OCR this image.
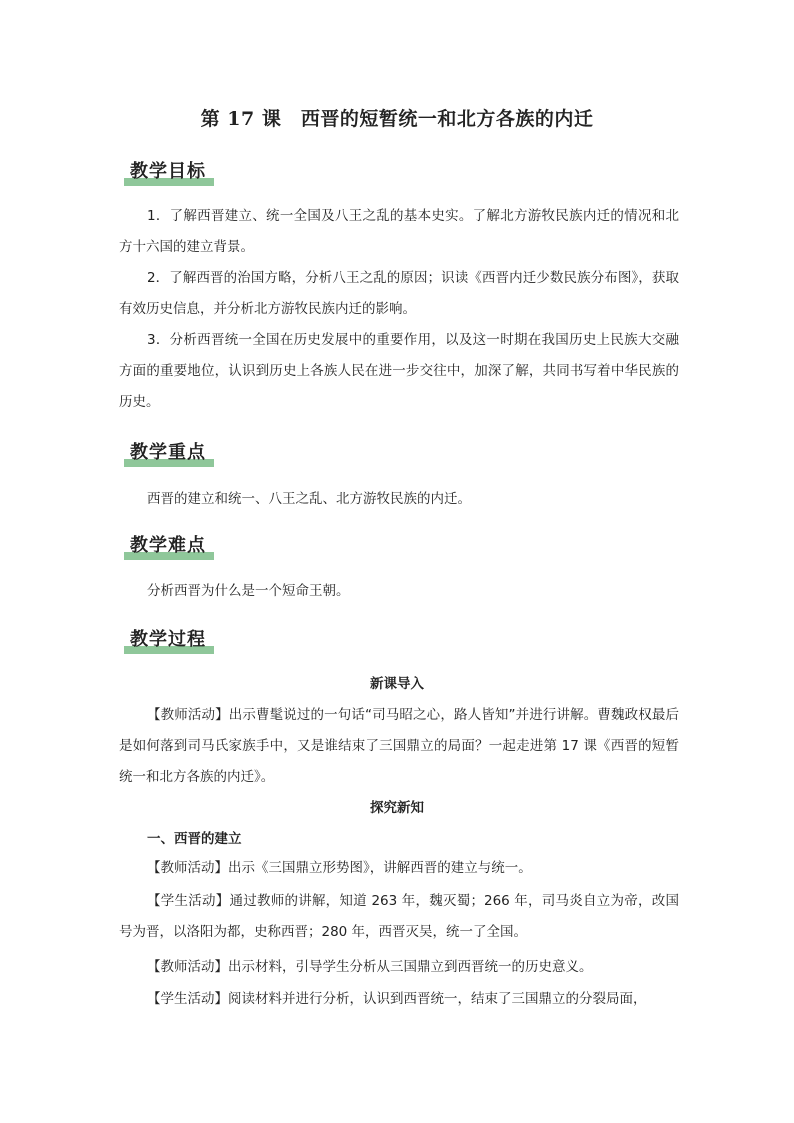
第 17 课　西晋的短暂统一和北方各族的内迁
教学目标
1．了解西晋建立、统一全国及八王之乱的基本史实。了解北方游牧民族内迁的情况和北方十六国的建立背景。
2．了解西晋的治国方略，分析八王之乱的原因；识读《西晋内迁少数民族分布图》，获取有效历史信息，并分析北方游牧民族内迁的影响。
3．分析西晋统一全国在历史发展中的重要作用，以及这一时期在我国历史上民族大交融方面的重要地位，认识到历史上各族人民在进一步交往中，加深了解，共同书写着中华民族的历史。
教学重点
西晋的建立和统一、八王之乱、北方游牧民族的内迁。
教学难点
分析西晋为什么是一个短命王朝。
教学过程
新课导入
【教师活动】出示曹髦说过的一句话“司马昭之心，路人皆知”并进行讲解。曹魏政权最后是如何落到司马氏家族手中，又是谁结束了三国鼎立的局面？一起走进第 17 课《西晋的短暂统一和北方各族的内迁》。
探究新知
一、西晋的建立
【教师活动】出示《三国鼎立形势图》，讲解西晋的建立与统一。
【学生活动】通过教师的讲解，知道 263 年，魏灭蜀；266 年，司马炎自立为帝，改国号为晋，以洛阳为都，史称西晋；280 年，西晋灭吴，统一了全国。
【教师活动】出示材料，引导学生分析从三国鼎立到西晋统一的历史意义。
【学生活动】阅读材料并进行分析，认识到西晋统一，结束了三国鼎立的分裂局面，
